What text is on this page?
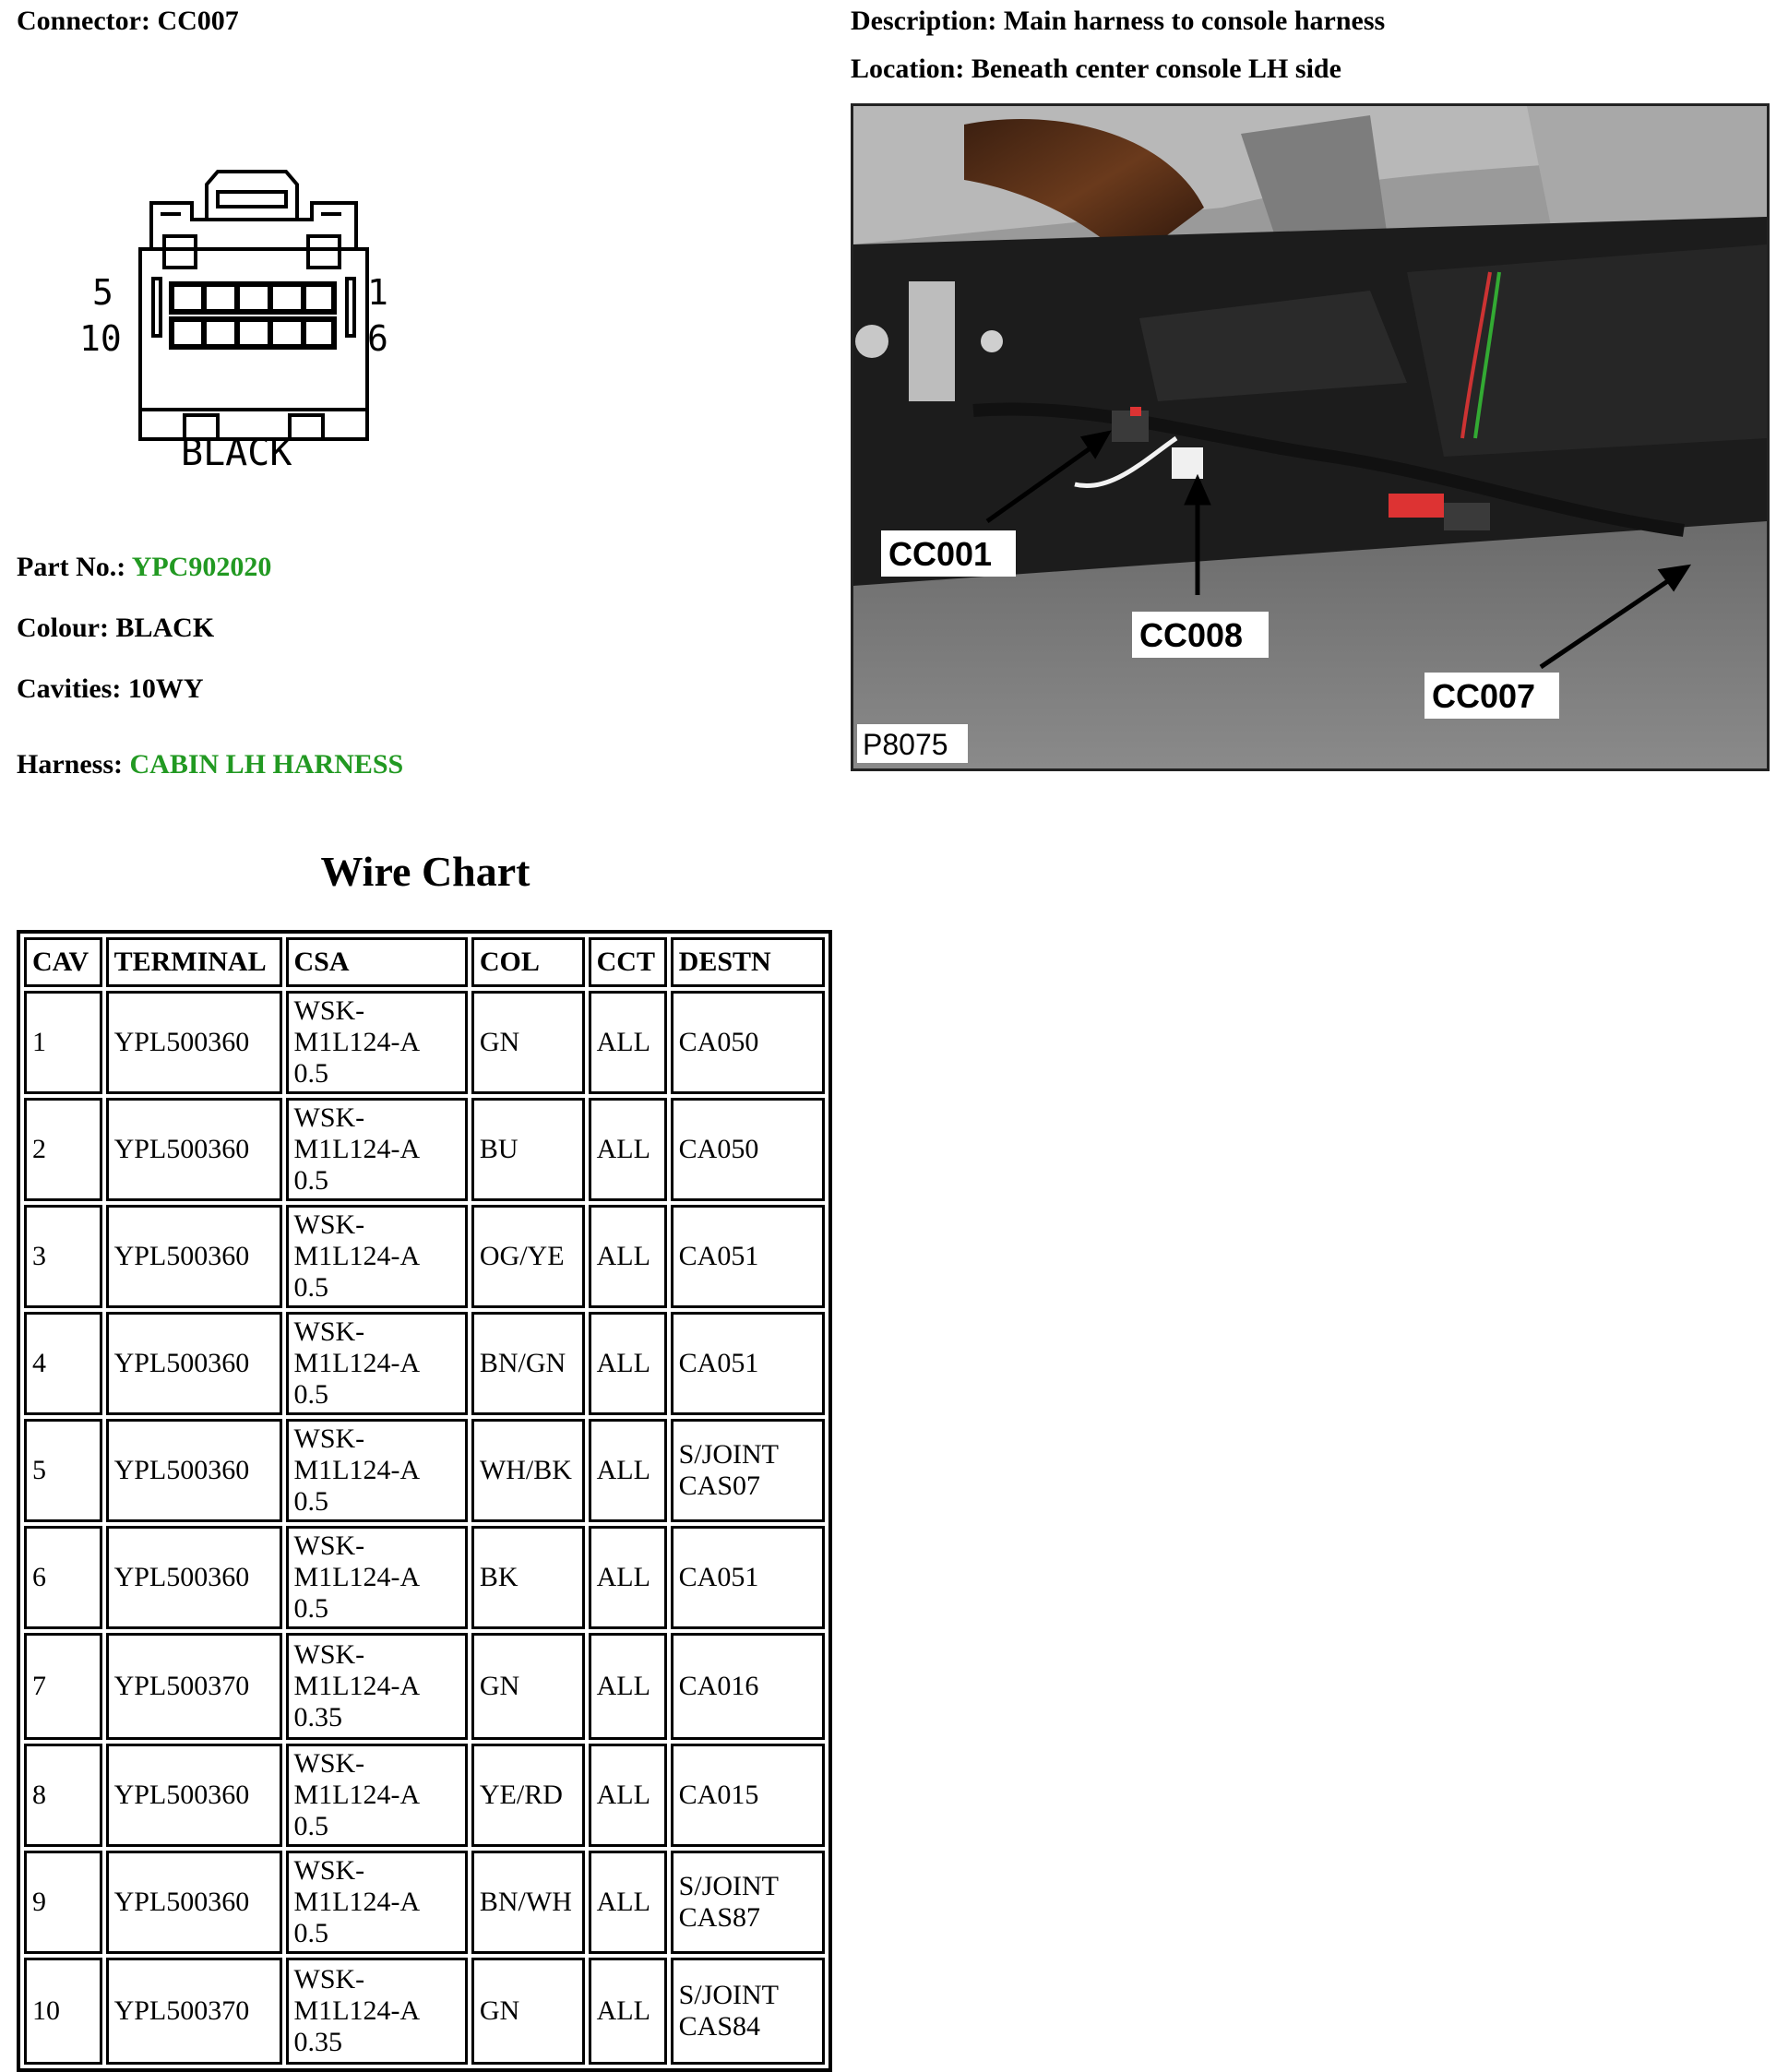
Connector: CC007	Description: Main harness to console harness
Location: Beneath center console LH side
5
10
1
6
BLACK
Part No.: YPC902020
Colour: BLACK
Cavities: 10WY
Harness: CABIN LH HARNESS
CC001
CC008
CC007
P8075
Wire Chart
CAV	TERMINAL	CSA	COL	CCT	DESTN
1	YPL500360	WSK-M1L124-A 0.5	GN	ALL	CA050
2	YPL500360	WSK-M1L124-A 0.5	BU	ALL	CA050
3	YPL500360	WSK-M1L124-A 0.5	OG/YE	ALL	CA051
4	YPL500360	WSK-M1L124-A 0.5	BN/GN	ALL	CA051
5	YPL500360	WSK-M1L124-A 0.5	WH/BK	ALL	S/JOINT CAS07
6	YPL500360	WSK-M1L124-A 0.5	BK	ALL	CA051
7	YPL500370	WSK-M1L124-A 0.35	GN	ALL	CA016
8	YPL500360	WSK-M1L124-A 0.5	YE/RD	ALL	CA015
9	YPL500360	WSK-M1L124-A 0.5	BN/WH	ALL	S/JOINT CAS87
10	YPL500370	WSK-M1L124-A 0.35	GN	ALL	S/JOINT CAS84
